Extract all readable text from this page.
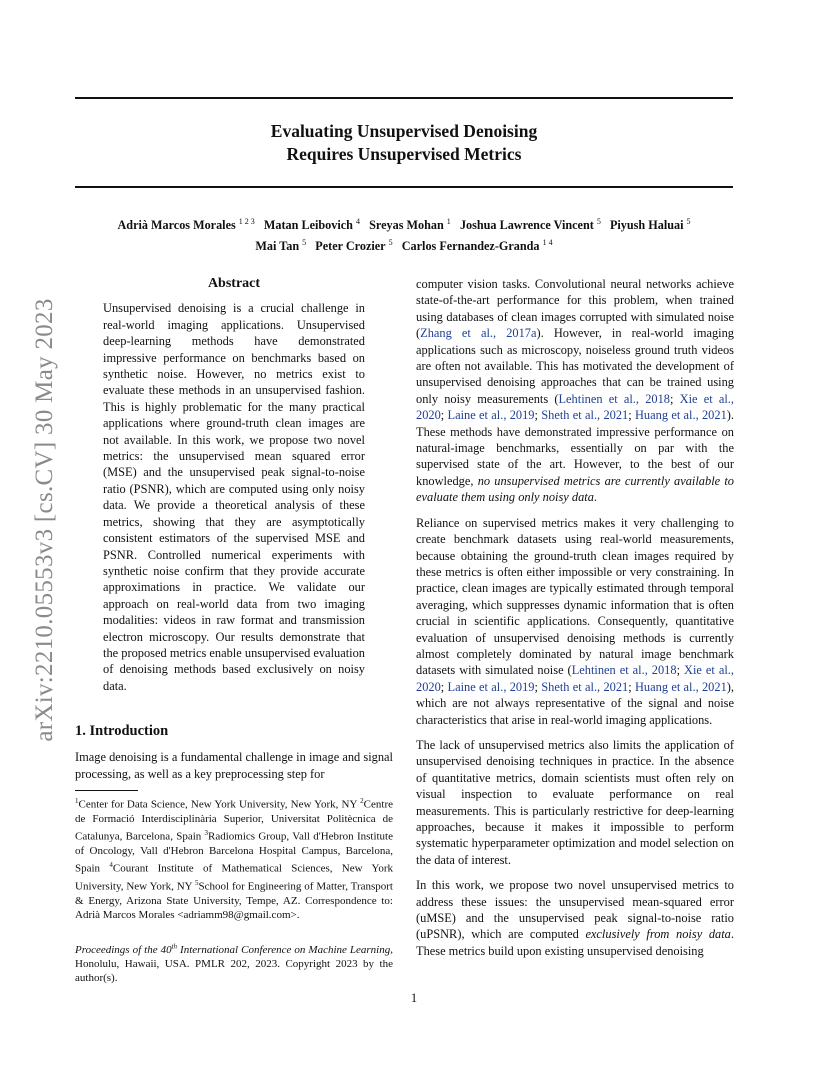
Evaluating Unsupervised Denoising
Requires Unsupervised Metrics
Adrià Marcos Morales $^{1 2 3}$ Matan Leibovich $^4$ Sreyas Mohan $^1$ Joshua Lawrence Vincent $^5$ Piyush Haluai $^5$
Mai Tan $^5$ Peter Crozier $^5$ Carlos Fernandez-Granda $^{1 4}$
arXiv:2210.05553v3 [cs.CV] 30 May 2023
Abstract

Unsupervised denoising is a crucial challenge in real-world imaging applications. Unsupervised deep-learning methods have demonstrated impressive performance on benchmarks based on synthetic noise. However, no metrics exist to evaluate these methods in an unsupervised fashion. This is highly problematic for the many practical applications where ground-truth clean images are not available. In this work, we propose two novel metrics: the unsupervised mean squared error (MSE) and the unsupervised peak signal-to-noise ratio (PSNR), which are computed using only noisy data. We provide a theoretical analysis of these metrics, showing that they are asymptotically consistent estimators of the supervised MSE and PSNR. Controlled numerical experiments with synthetic noise confirm that they provide accurate approximations in practice. We validate our approach on real-world data from two imaging modalities: videos in raw format and transmission electron microscopy. Our results demonstrate that the proposed metrics enable unsupervised evaluation of denoising methods based exclusively on noisy data.

1. Introduction

Image denoising is a fundamental challenge in image and signal processing, as well as a key preprocessing step for

$^1$Center for Data Science, New York University, New York, NY $^2$Centre de Formació Interdisciplinària Superior, Universitat Politècnica de Catalunya, Barcelona, Spain $^3$Radiomics Group, Vall d'Hebron Institute of Oncology, Vall d'Hebron Barcelona Hospital Campus, Barcelona, Spain $^4$Courant Institute of Mathematical Sciences, New York University, New York, NY $^5$School for Engineering of Matter, Transport & Energy, Arizona State University, Tempe, AZ. Correspondence to: Adrià Marcos Morales <adriamm98@gmail.com>.

Proceedings of the 40th International Conference on Machine Learning, Honolulu, Hawaii, USA. PMLR 202, 2023. Copyright 2023 by the author(s).

computer vision tasks. Convolutional neural networks achieve state-of-the-art performance for this problem, when trained using databases of clean images corrupted with simulated noise (Zhang et al., 2017a). However, in real-world imaging applications such as microscopy, noiseless ground truth videos are often not available. This has motivated the development of unsupervised denoising approaches that can be trained using only noisy measurements (Lehtinen et al., 2018; Xie et al., 2020; Laine et al., 2019; Sheth et al., 2021; Huang et al., 2021). These methods have demonstrated impressive performance on natural-image benchmarks, essentially on par with the supervised state of the art. However, to the best of our knowledge, no unsupervised metrics are currently available to evaluate them using only noisy data.

Reliance on supervised metrics makes it very challenging to create benchmark datasets using real-world measurements, because obtaining the ground-truth clean images required by these metrics is often either impossible or very constraining. In practice, clean images are typically estimated through temporal averaging, which suppresses dynamic information that is often crucial in scientific applications. Consequently, quantitative evaluation of unsupervised denoising methods is currently almost completely dominated by natural image benchmark datasets with simulated noise (Lehtinen et al., 2018; Xie et al., 2020; Laine et al., 2019; Sheth et al., 2021; Huang et al., 2021), which are not always representative of the signal and noise characteristics that arise in real-world imaging applications.

The lack of unsupervised metrics also limits the application of unsupervised denoising techniques in practice. In the absence of quantitative metrics, domain scientists must often rely on visual inspection to evaluate performance on real measurements. This is particularly restrictive for deep-learning approaches, because it makes it impossible to perform systematic hyperparameter optimization and model selection on the data of interest.

In this work, we propose two novel unsupervised metrics to address these issues: the unsupervised mean-squared error (uMSE) and the unsupervised peak signal-to-noise ratio (uPSNR), which are computed exclusively from noisy data. These metrics build upon existing unsupervised denoising

1
